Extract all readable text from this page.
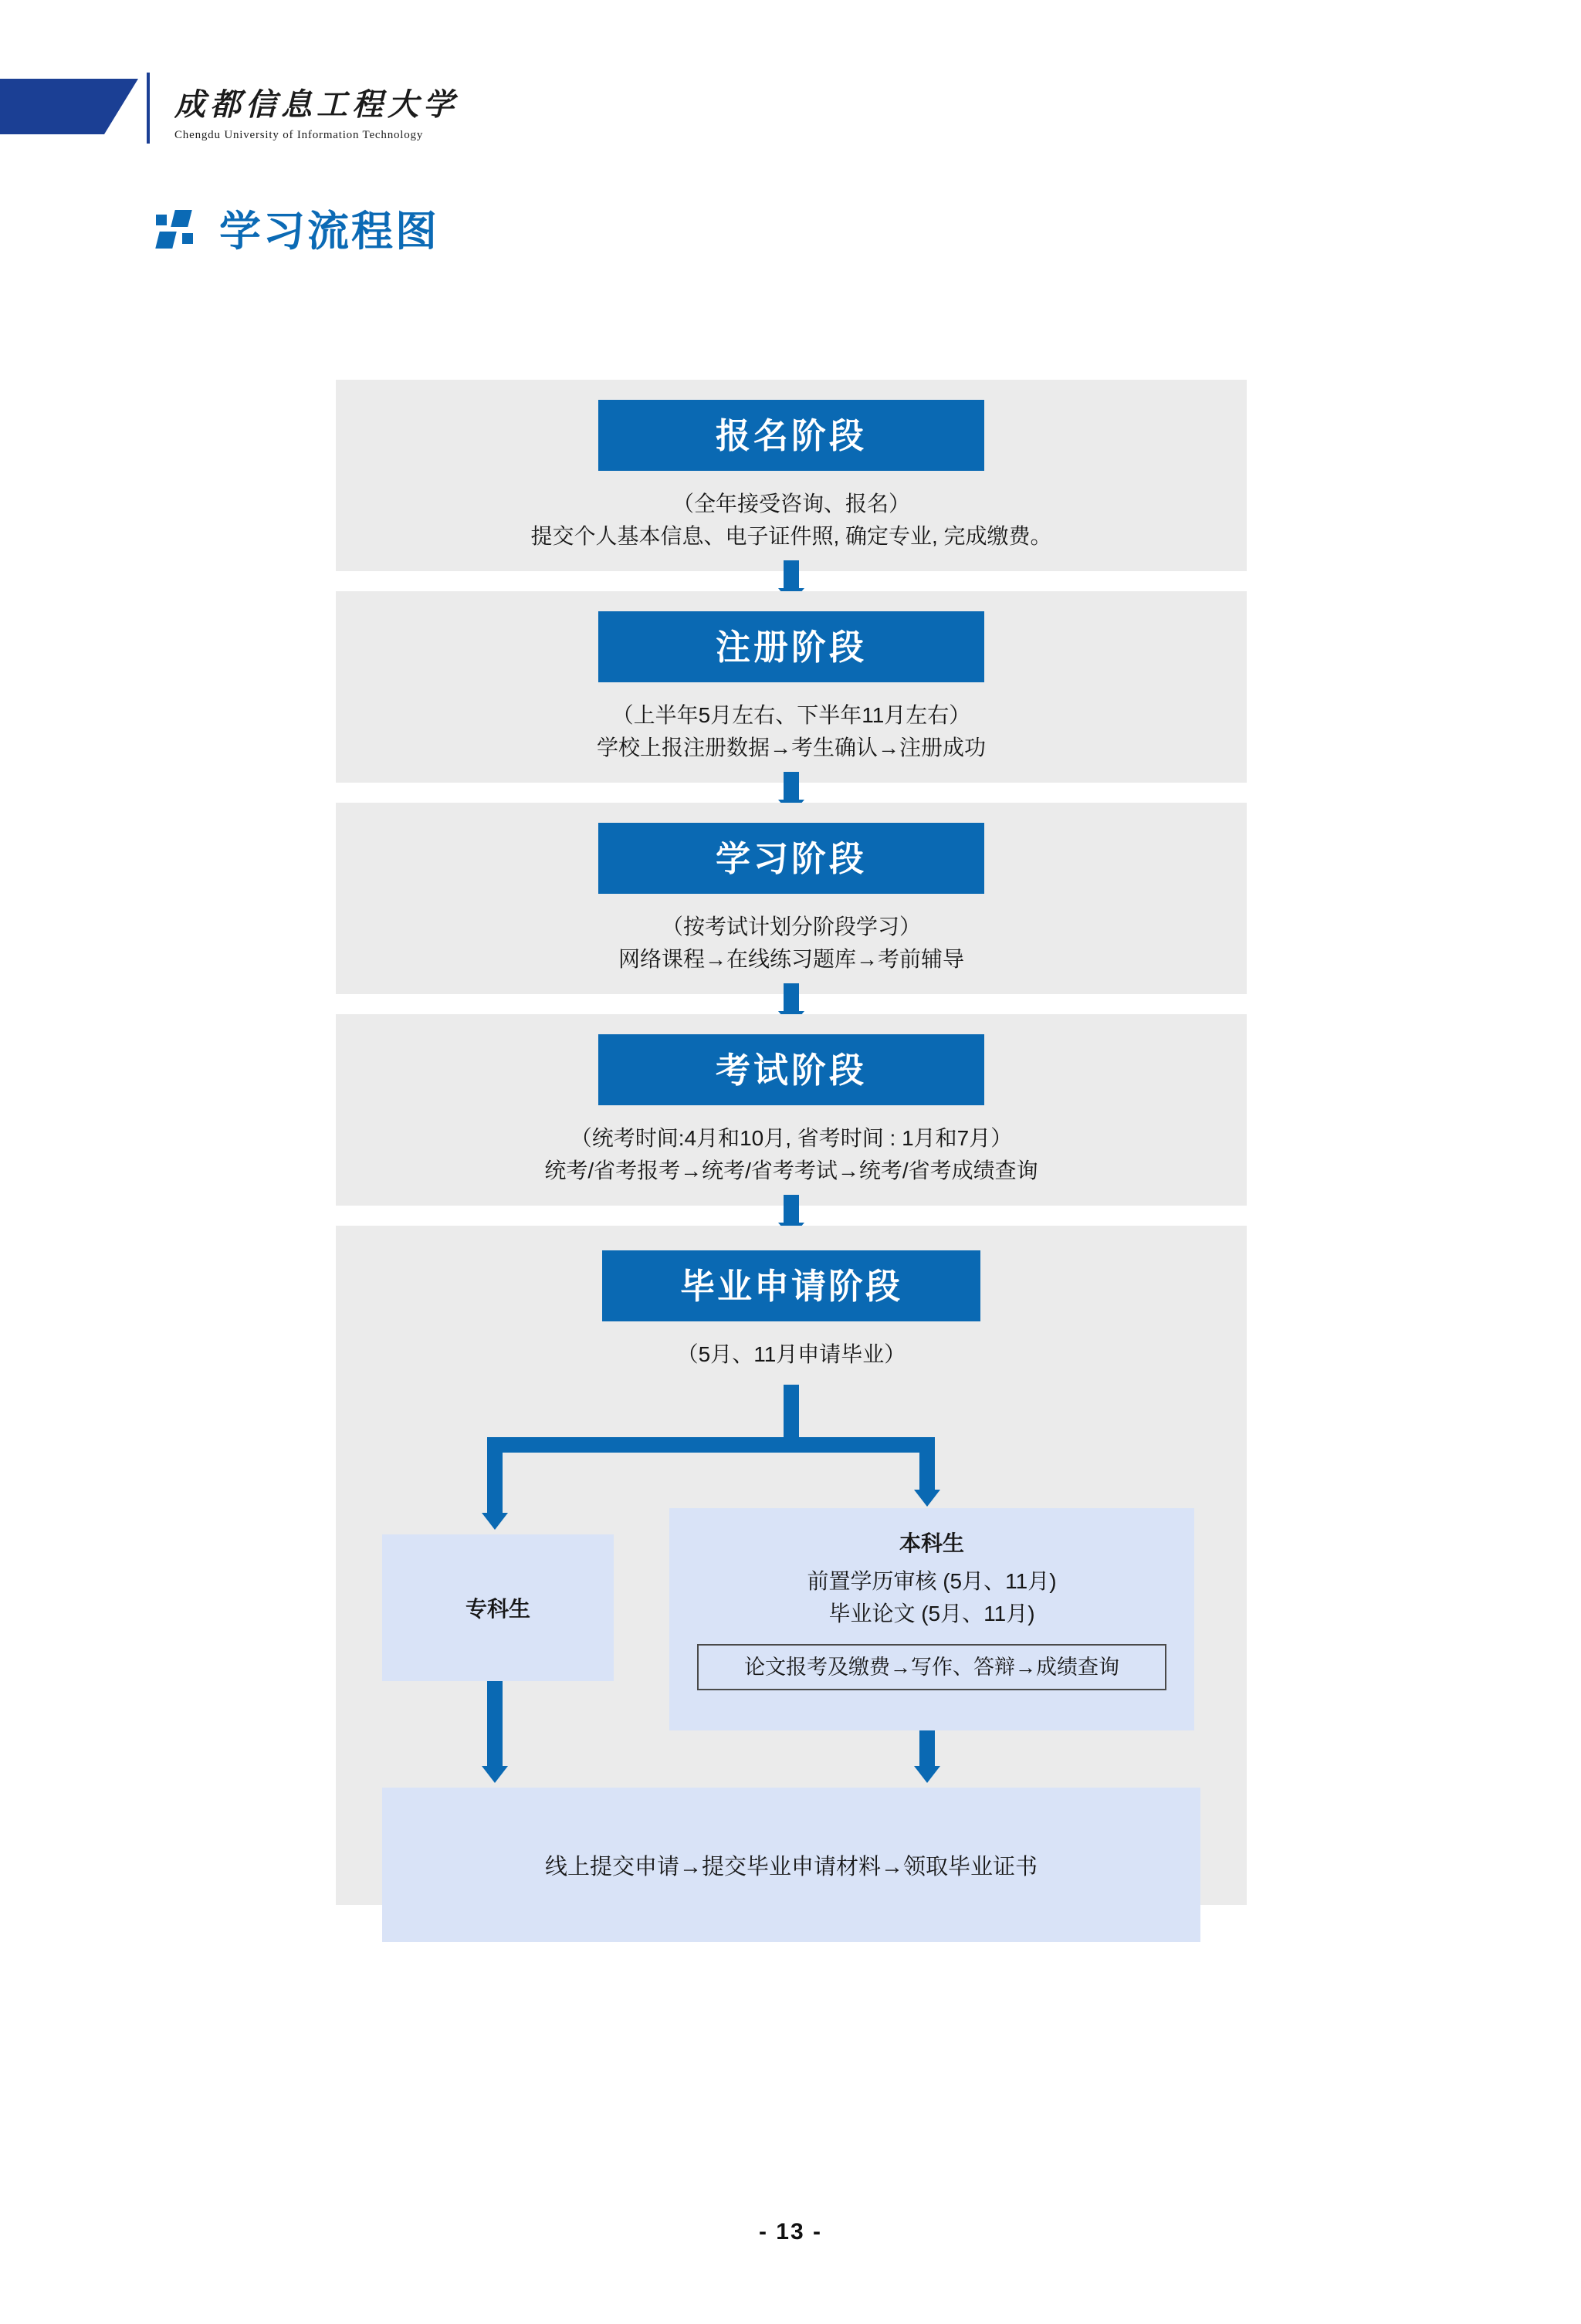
成都信息工程大学
Chengdu University of Information Technology
学习流程图
报名阶段
（全年接受咨询、报名）
提交个人基本信息、电子证件照, 确定专业, 完成缴费。
注册阶段
（上半年5月左右、下半年11月左右）
学校上报注册数据→考生确认→注册成功
学习阶段
（按考试计划分阶段学习）
网络课程→在线练习题库→考前辅导
考试阶段
（统考时间:4月和10月, 省考时间 : 1月和7月）
统考/省考报考→统考/省考考试→统考/省考成绩查询
毕业申请阶段
（5月、11月申请毕业）
专科生
本科生
前置学历审核 (5月、11月)
毕业论文 (5月、11月)
论文报考及缴费→写作、答辩→成绩查询
线上提交申请→提交毕业申请材料→领取毕业证书
- 13 -
